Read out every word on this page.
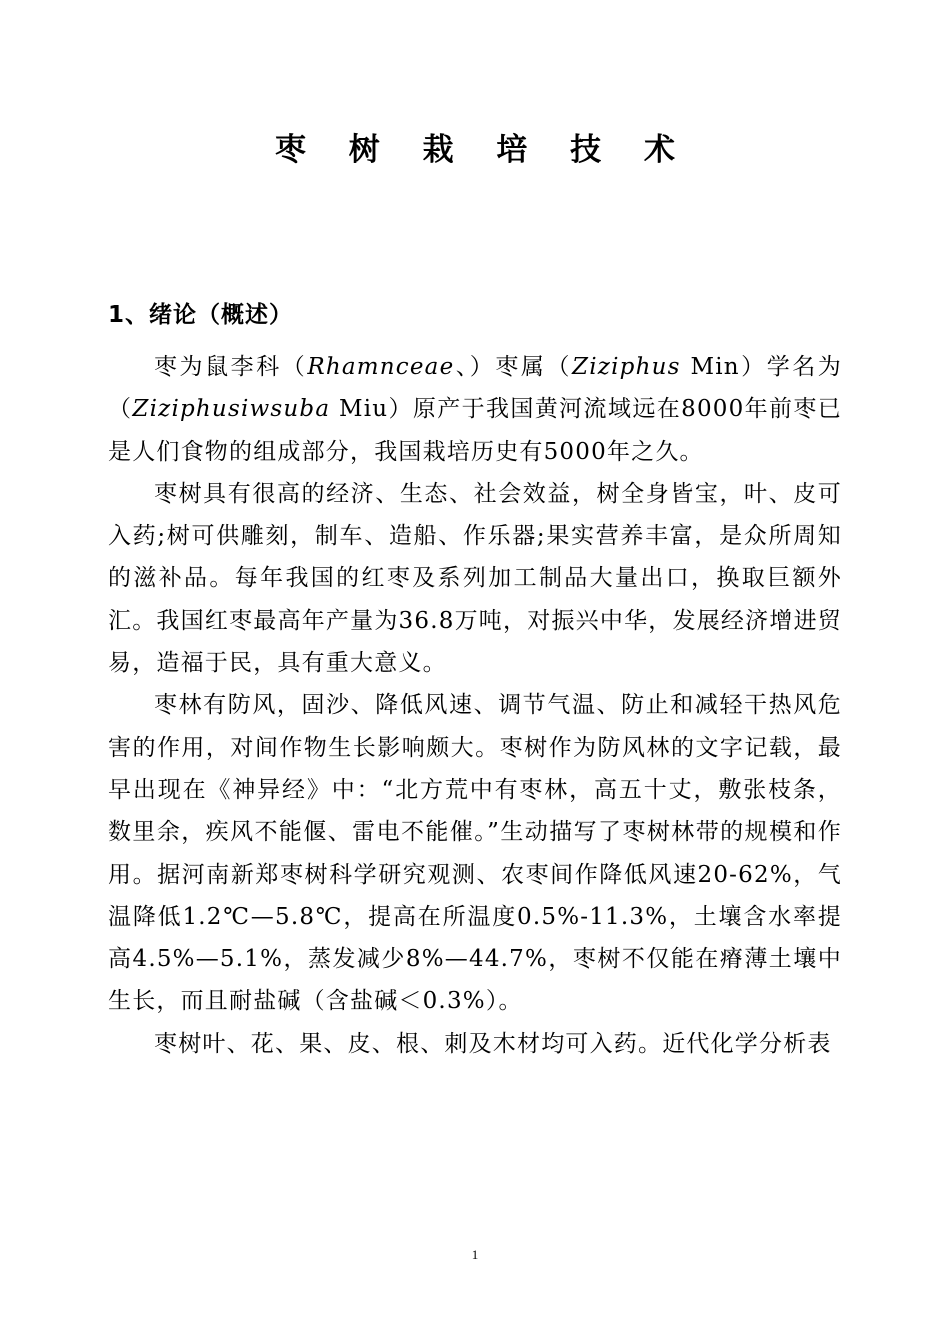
枣 树 栽 培 技 术
1、绪论（概述）

枣为鼠李科（Rhamnceae、）枣属（Ziziphus Min）学名为（Ziziphusiwsuba Miu）原产于我国黄河流域远在8000年前枣已是人们食物的组成部分，我国栽培历史有5000年之久。

枣树具有很高的经济、生态、社会效益，树全身皆宝，叶、皮可入药;树可供雕刻，制车、造船、作乐器;果实营养丰富，是众所周知的滋补品。每年我国的红枣及系列加工制品大量出口，换取巨额外汇。我国红枣最高年产量为36.8万吨，对振兴中华，发展经济增进贸易，造福于民，具有重大意义。

枣林有防风，固沙、降低风速、调节气温、防止和减轻干热风危害的作用，对间作物生长影响颇大。枣树作为防风林的文字记载，最早出现在《神异经》中：“北方荒中有枣林，高五十丈，敷张枝条，数里余，疾风不能偃、雷电不能催。”生动描写了枣树林带的规模和作用。据河南新郑枣树科学研究观测、农枣间作降低风速20-62%，气温降低1.2℃—5.8℃，提高在所温度0.5%-11.3%，土壤含水率提高4.5%—5.1%，蒸发减少8%—44.7%，枣树不仅能在瘠薄土壤中生长，而且耐盐碱（含盐碱＜0.3%）。

枣树叶、花、果、皮、根、刺及木材均可入药。近代化学分析表

1
